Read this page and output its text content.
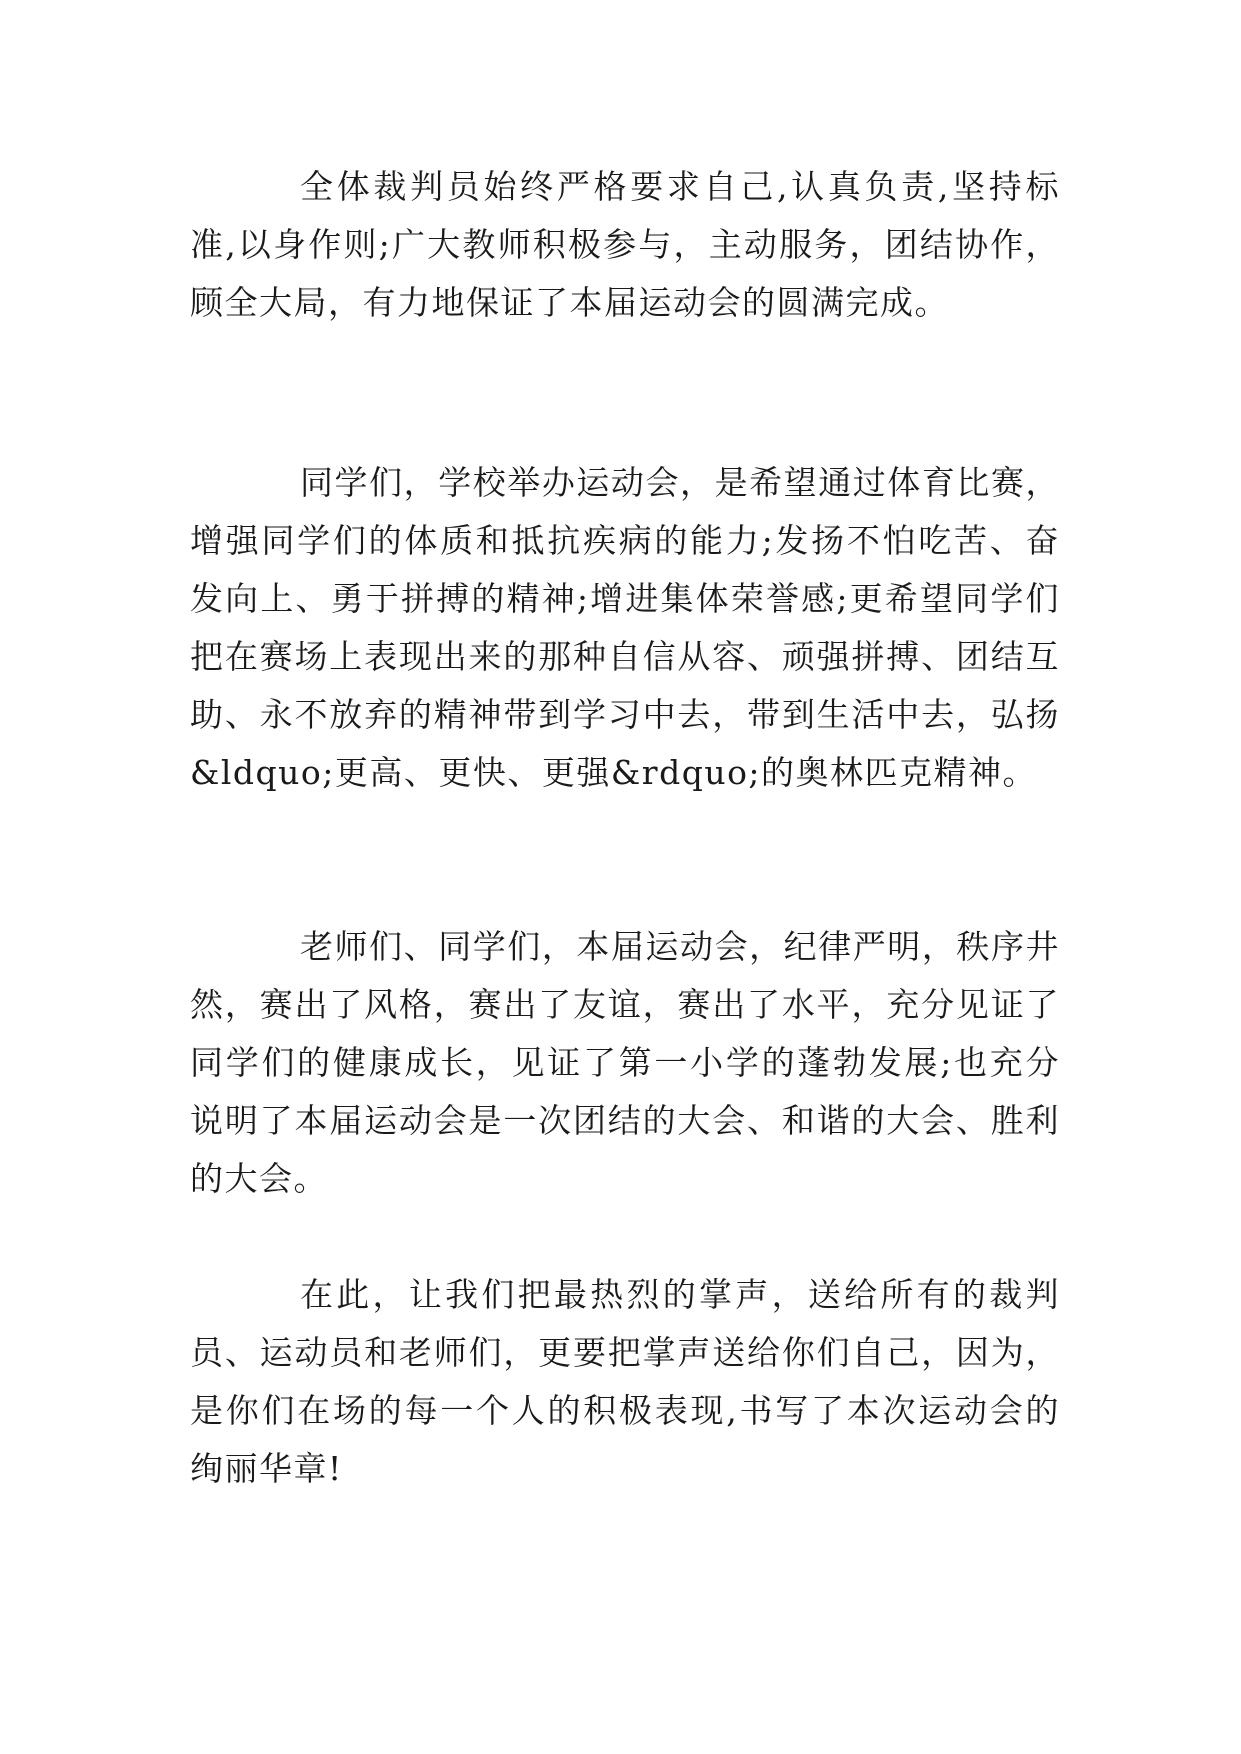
全体裁判员始终严格要求自己,认真负责,坚持标准,以身作则;广大教师积极参与，主动服务，团结协作，顾全大局，有力地保证了本届运动会的圆满完成。

同学们，学校举办运动会，是希望通过体育比赛，增强同学们的体质和抵抗疾病的能力;发扬不怕吃苦、奋发向上、勇于拼搏的精神;增进集体荣誉感;更希望同学们把在赛场上表现出来的那种自信从容、顽强拼搏、团结互助、永不放弃的精神带到学习中去，带到生活中去，弘扬&ldquo;更高、更快、更强&rdquo;的奥林匹克精神。

老师们、同学们，本届运动会，纪律严明，秩序井然，赛出了风格，赛出了友谊，赛出了水平，充分见证了同学们的健康成长，见证了第一小学的蓬勃发展;也充分说明了本届运动会是一次团结的大会、和谐的大会、胜利的大会。

在此，让我们把最热烈的掌声，送给所有的裁判员、运动员和老师们，更要把掌声送给你们自己，因为，是你们在场的每一个人的积极表现,书写了本次运动会的绚丽华章!
